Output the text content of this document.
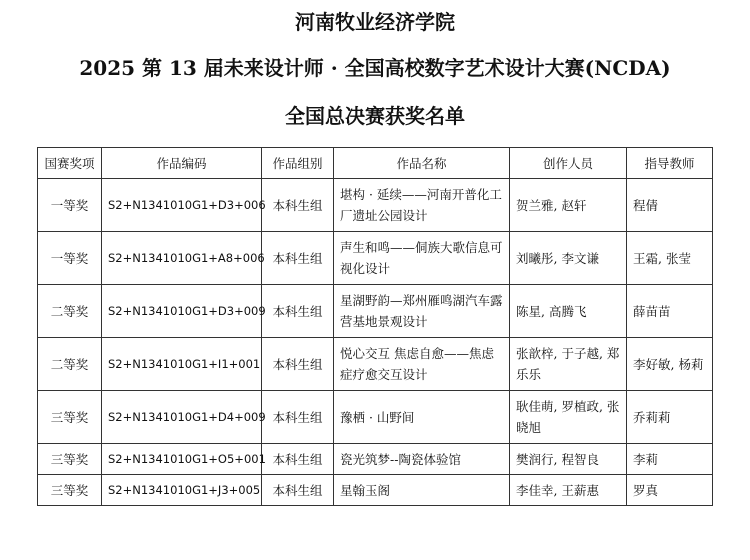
河南牧业经济学院
2025 第 13 届未来设计师 · 全国高校数字艺术设计大赛(NCDA)
全国总决赛获奖名单
国赛奖项	作品编码	作品组别	作品名称	创作人员	指导教师
一等奖	S2+N1341010G1+D3+006	本科生组	堪构 · 延续——河南开普化工厂遗址公园设计	贺兰雅, 赵轩	程倩
一等奖	S2+N1341010G1+A8+006	本科生组	声生和鸣——侗族大歌信息可视化设计	刘曦彤, 李文谦	王霜, 张莹
二等奖	S2+N1341010G1+D3+009	本科生组	星湖野韵—郑州雁鸣湖汽车露营基地景观设计	陈星, 高腾飞	薛苗苗
二等奖	S2+N1341010G1+I1+001	本科生组	悦心交互 焦虑自愈——焦虑症疗愈交互设计	张歆梓, 于子越, 郑乐乐	李好敏, 杨莉
三等奖	S2+N1341010G1+D4+009	本科生组	豫栖 · 山野间	耿佳萌, 罗植政, 张晓旭	乔莉莉
三等奖	S2+N1341010G1+O5+001	本科生组	瓷光筑梦--陶瓷体验馆	樊润行, 程智良	李莉
三等奖	S2+N1341010G1+J3+005	本科生组	星翰玉阁	李佳幸, 王薪惠	罗真
